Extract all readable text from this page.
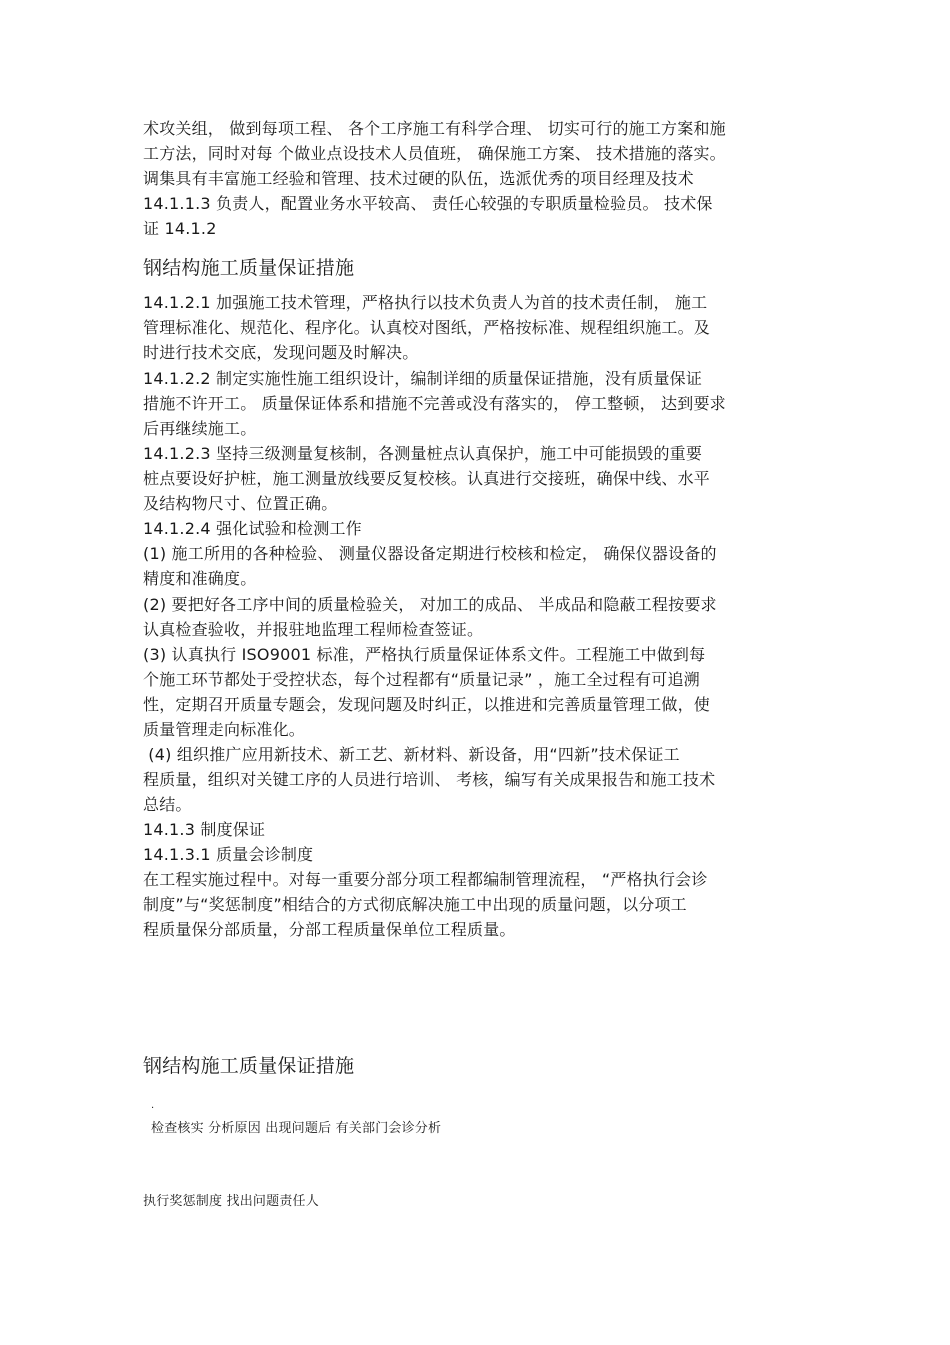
术攻关组， 做到每项工程、 各个工序施工有科学合理、 切实可行的施工方案和施
工方法，同时对每 个做业点设技术人员值班， 确保施工方案、 技术措施的落实。
调集具有丰富施工经验和管理、技术过硬的队伍，选派优秀的项目经理及技术
14.1.1.3 负责人，配置业务水平较高、 责任心较强的专职质量检验员。 技术保
证 14.1.2
钢结构施工质量保证措施
14.1.2.1 加强施工技术管理，严格执行以技术负责人为首的技术责任制， 施工
管理标准化、规范化、程序化。认真校对图纸，严格按标准、规程组织施工。及
时进行技术交底，发现问题及时解决。
14.1.2.2 制定实施性施工组织设计，编制详细的质量保证措施，没有质量保证
措施不许开工。 质量保证体系和措施不完善或没有落实的， 停工整顿， 达到要求
后再继续施工。
14.1.2.3 坚持三级测量复核制，各测量桩点认真保护，施工中可能损毁的重要
桩点要设好护桩，施工测量放线要反复校核。认真进行交接班，确保中线、水平
及结构物尺寸、位置正确。
14.1.2.4 强化试验和检测工作
(1) 施工所用的各种检验、 测量仪器设备定期进行校核和检定， 确保仪器设备的
精度和准确度。
(2) 要把好各工序中间的质量检验关， 对加工的成品、 半成品和隐蔽工程按要求
认真检查验收，并报驻地监理工程师检查签证。
(3) 认真执行 ISO9001 标准，严格执行质量保证体系文件。工程施工中做到每
个施工环节都处于受控状态，每个过程都有“质量记录” ，施工全过程有可追溯
性，定期召开质量专题会，发现问题及时纠正，以推进和完善质量管理工做，使
质量管理走向标准化。
(4) 组织推广应用新技术、新工艺、新材料、新设备，用“四新”技术保证工
程质量，组织对关键工序的人员进行培训、 考核，编写有关成果报告和施工技术
总结。
14.1.3 制度保证
14.1.3.1 质量会诊制度
在工程实施过程中。对每一重要分部分项工程都编制管理流程， “严格执行会诊
制度”与“奖惩制度”相结合的方式彻底解决施工中出现的质量问题，以分项工
程质量保分部质量，分部工程质量保单位工程质量。
钢结构施工质量保证措施
.
检查核实 分析原因 出现问题后 有关部门会诊分析
执行奖惩制度 找出问题责任人
